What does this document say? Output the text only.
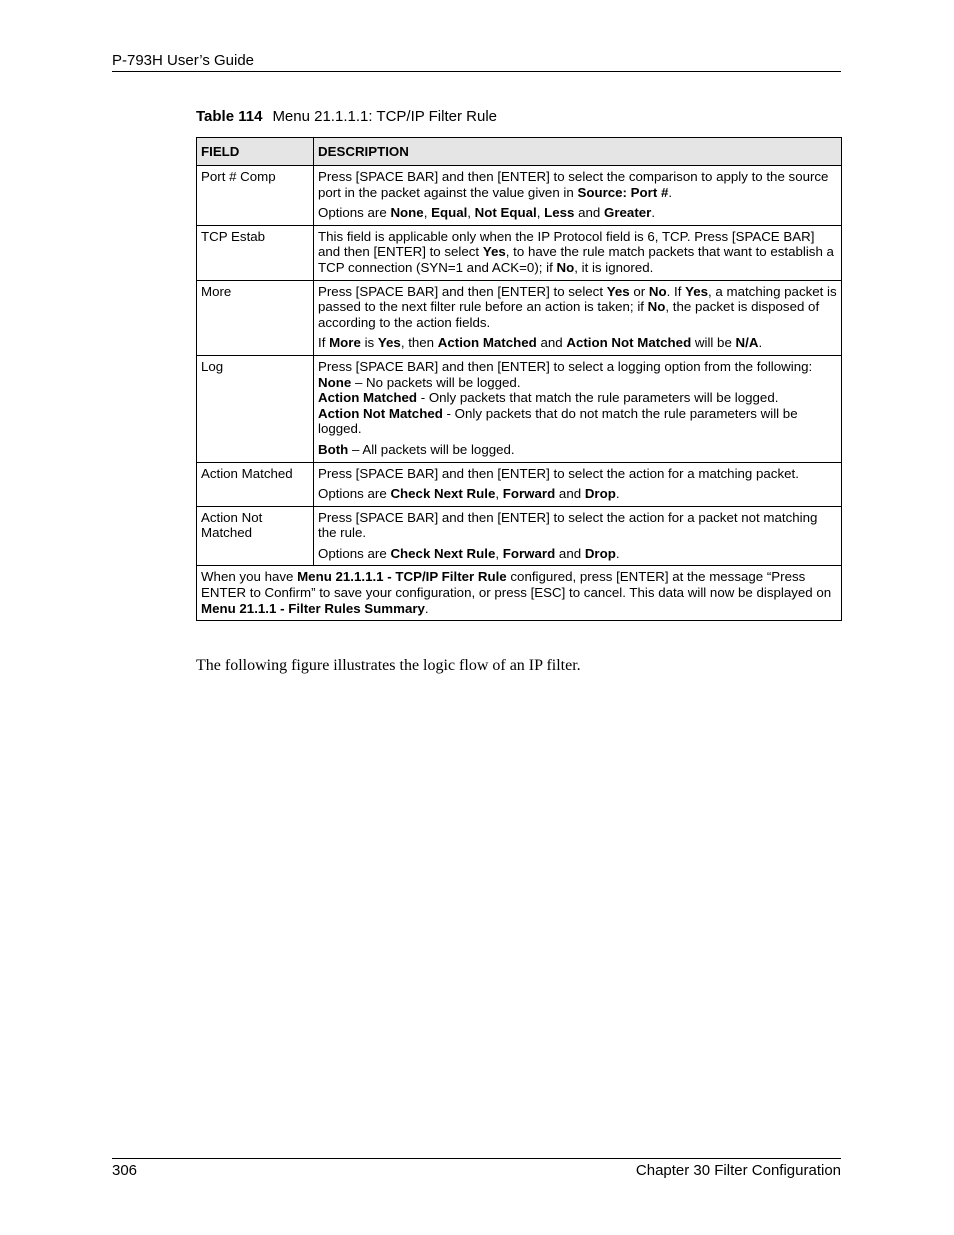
P-793H User’s Guide
Table 114 Menu 21.1.1.1: TCP/IP Filter Rule
FIELD	DESCRIPTION
Port # Comp	Press [SPACE BAR] and then [ENTER] to select the comparison to apply to the source port in the packet against the value given in Source: Port #.
Options are None, Equal, Not Equal, Less and Greater.

TCP Estab	This field is applicable only when the IP Protocol field is 6, TCP. Press [SPACE BAR] and then [ENTER] to select Yes, to have the rule match packets that want to establish a TCP connection (SYN=1 and ACK=0); if No, it is ignored.

More	Press [SPACE BAR] and then [ENTER] to select Yes or No. If Yes, a matching packet is passed to the next filter rule before an action is taken; if No, the packet is disposed of according to the action fields.
If More is Yes, then Action Matched and Action Not Matched will be N/A.

Log	Press [SPACE BAR] and then [ENTER] to select a logging option from the following:
None – No packets will be logged.
Action Matched - Only packets that match the rule parameters will be logged.
Action Not Matched - Only packets that do not match the rule parameters will be logged.
Both – All packets will be logged.

Action Matched	Press [SPACE BAR] and then [ENTER] to select the action for a matching packet.
Options are Check Next Rule, Forward and Drop.

Action Not Matched	Press [SPACE BAR] and then [ENTER] to select the action for a packet not matching the rule.
Options are Check Next Rule, Forward and Drop.

When you have Menu 21.1.1.1 - TCP/IP Filter Rule configured, press [ENTER] at the message “Press ENTER to Confirm” to save your configuration, or press [ESC] to cancel. This data will now be displayed on Menu 21.1.1 - Filter Rules Summary.	
The following figure illustrates the logic flow of an IP filter.
306	Chapter 30 Filter Configuration
